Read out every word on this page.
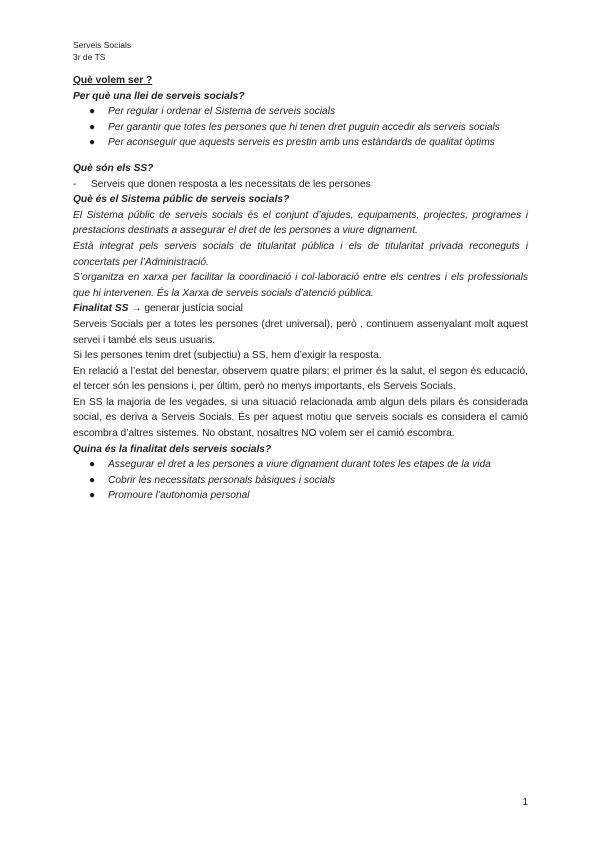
Serveis Socials
3r de TS

Què volem ser ?

Per què una llei de serveis socials?

● Per regular i ordenar el Sistema de serveis socials

● Per garantir que totes les persones que hi tenen dret puguin accedir als serveis socials

● Per aconseguir que aquests serveis es prestin amb uns estàndards de qualitat òptims

Què són els SS?

- Serveis que donen resposta a les necessitats de les persones

Què és el Sistema públic de serveis socials?

El Sistema públic de serveis socials és el conjunt d’ajudes, equipaments, projectes, programes i prestacions destinats a assegurar el dret de les persones a viure dignament.

Està integrat pels serveis socials de titularitat pública i els de titularitat privada reconeguts i concertats per l’Administració.

S’organitza en xarxa per facilitar la coordinació i col·laboració entre els centres i els professionals que hi intervenen. És la Xarxa de serveis socials d’atenció pública.

Finalitat SS → generar justícia social

Serveis Socials per a totes les persones (dret universal), però , continuem assenyalant molt aquest servei i també els seus usuaris.

Si les persones tenim dret (subjectiu) a SS, hem d’exigir la resposta.

En relació a l’estat del benestar, observem quatre pilars; el primer és la salut, el segon és educació, el tercer són les pensions i, per últim, però no menys importants, els Serveis Socials.

En SS la majoria de les vegades, si una situació relacionada amb algun dels pilars és considerada social, es deriva a Serveis Socials. És per aquest motiu que serveis socials es considera el camió escombra d’altres sistemes. No obstant, nosaltres NO volem ser el camió escombra.

Quina és la finalitat dels serveis socials?

● Assegurar el dret a les persones a viure dignament durant totes les etapes de la vida

● Cobrir les necessitats personals bàsiques i socials

● Promoure l’autonomia personal

1
